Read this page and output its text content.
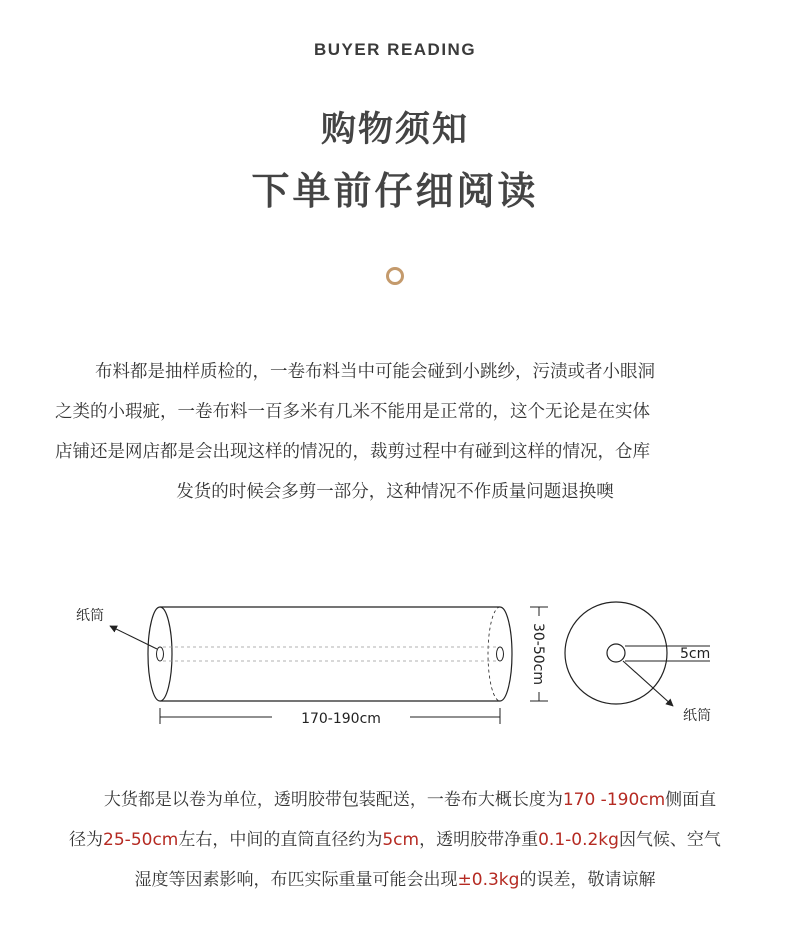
BUYER READING
购物须知
下单前仔细阅读
布料都是抽样质检的，一卷布料当中可能会碰到小跳纱，污渍或者小眼洞
之类的小瑕疵，一卷布料一百多米有几米不能用是正常的，这个无论是在实体
店铺还是网店都是会出现这样的情况的，裁剪过程中有碰到这样的情况，仓库
发货的时候会多剪一部分，这种情况不作质量问题退换噢
纸筒
170-190cm
30-50cm	5cm
纸筒
大货都是以卷为单位，透明胶带包装配送，一卷布大概长度为170 -190cm侧面直
径为25-50cm左右，中间的直筒直径约为5cm，透明胶带净重0.1-0.2kg因气候、空气
湿度等因素影响，布匹实际重量可能会出现±0.3kg的误差，敬请谅解
